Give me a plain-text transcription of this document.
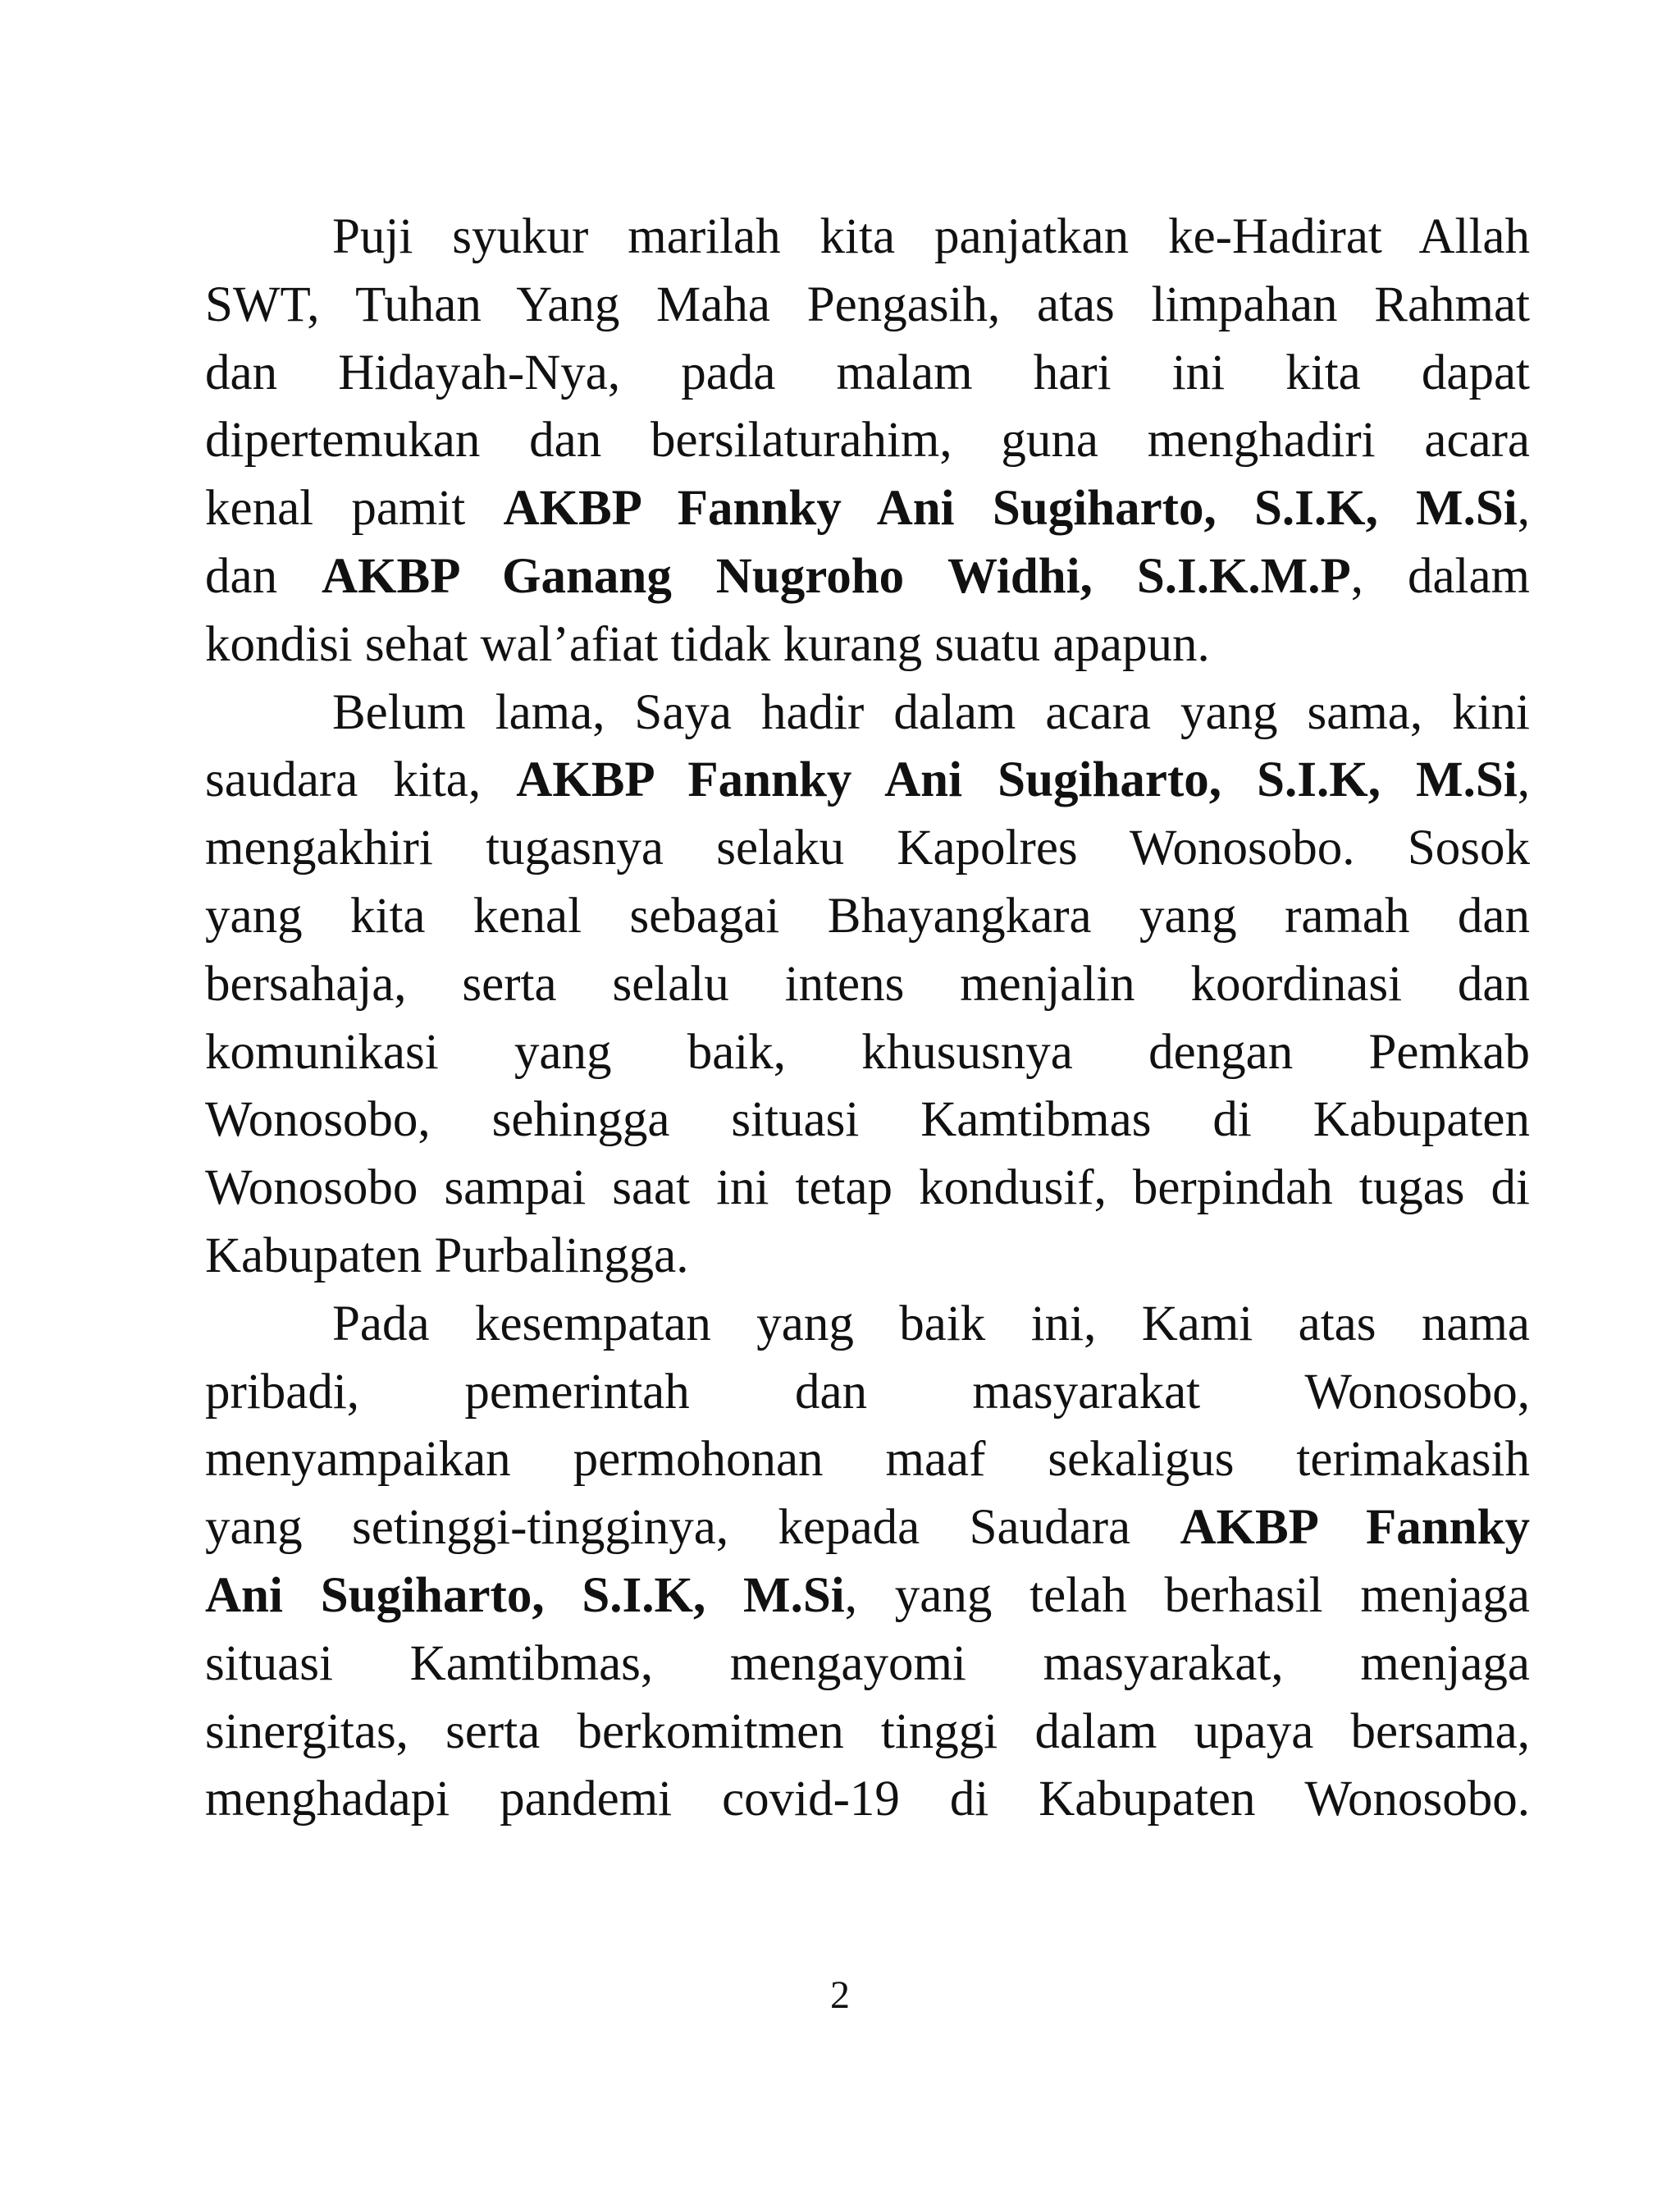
Puji syukur marilah kita panjatkan ke-Hadirat Allah
SWT, Tuhan Yang Maha Pengasih, atas limpahan Rahmat
dan Hidayah-Nya, pada malam hari ini kita dapat
dipertemukan dan bersilaturahim, guna menghadiri acara
kenal pamit AKBP Fannky Ani Sugiharto, S.I.K, M.Si,
dan AKBP Ganang Nugroho Widhi, S.I.K.M.P, dalam
kondisi sehat wal’afiat tidak kurang suatu apapun.

Belum lama, Saya hadir dalam acara yang sama, kini
saudara kita, AKBP Fannky Ani Sugiharto, S.I.K, M.Si,
mengakhiri tugasnya selaku Kapolres Wonosobo. Sosok
yang kita kenal sebagai Bhayangkara yang ramah dan
bersahaja, serta selalu intens menjalin koordinasi dan
komunikasi yang baik, khususnya dengan Pemkab
Wonosobo, sehingga situasi Kamtibmas di Kabupaten
Wonosobo sampai saat ini tetap kondusif, berpindah tugas di
Kabupaten Purbalingga.

Pada kesempatan yang baik ini, Kami atas nama
pribadi, pemerintah dan masyarakat Wonosobo,
menyampaikan permohonan maaf sekaligus terimakasih
yang setinggi-tingginya, kepada Saudara AKBP Fannky
Ani Sugiharto, S.I.K, M.Si, yang telah berhasil menjaga
situasi Kamtibmas, mengayomi masyarakat, menjaga
sinergitas, serta berkomitmen tinggi dalam upaya bersama,
menghadapi pandemi covid-19 di Kabupaten Wonosobo.

2
